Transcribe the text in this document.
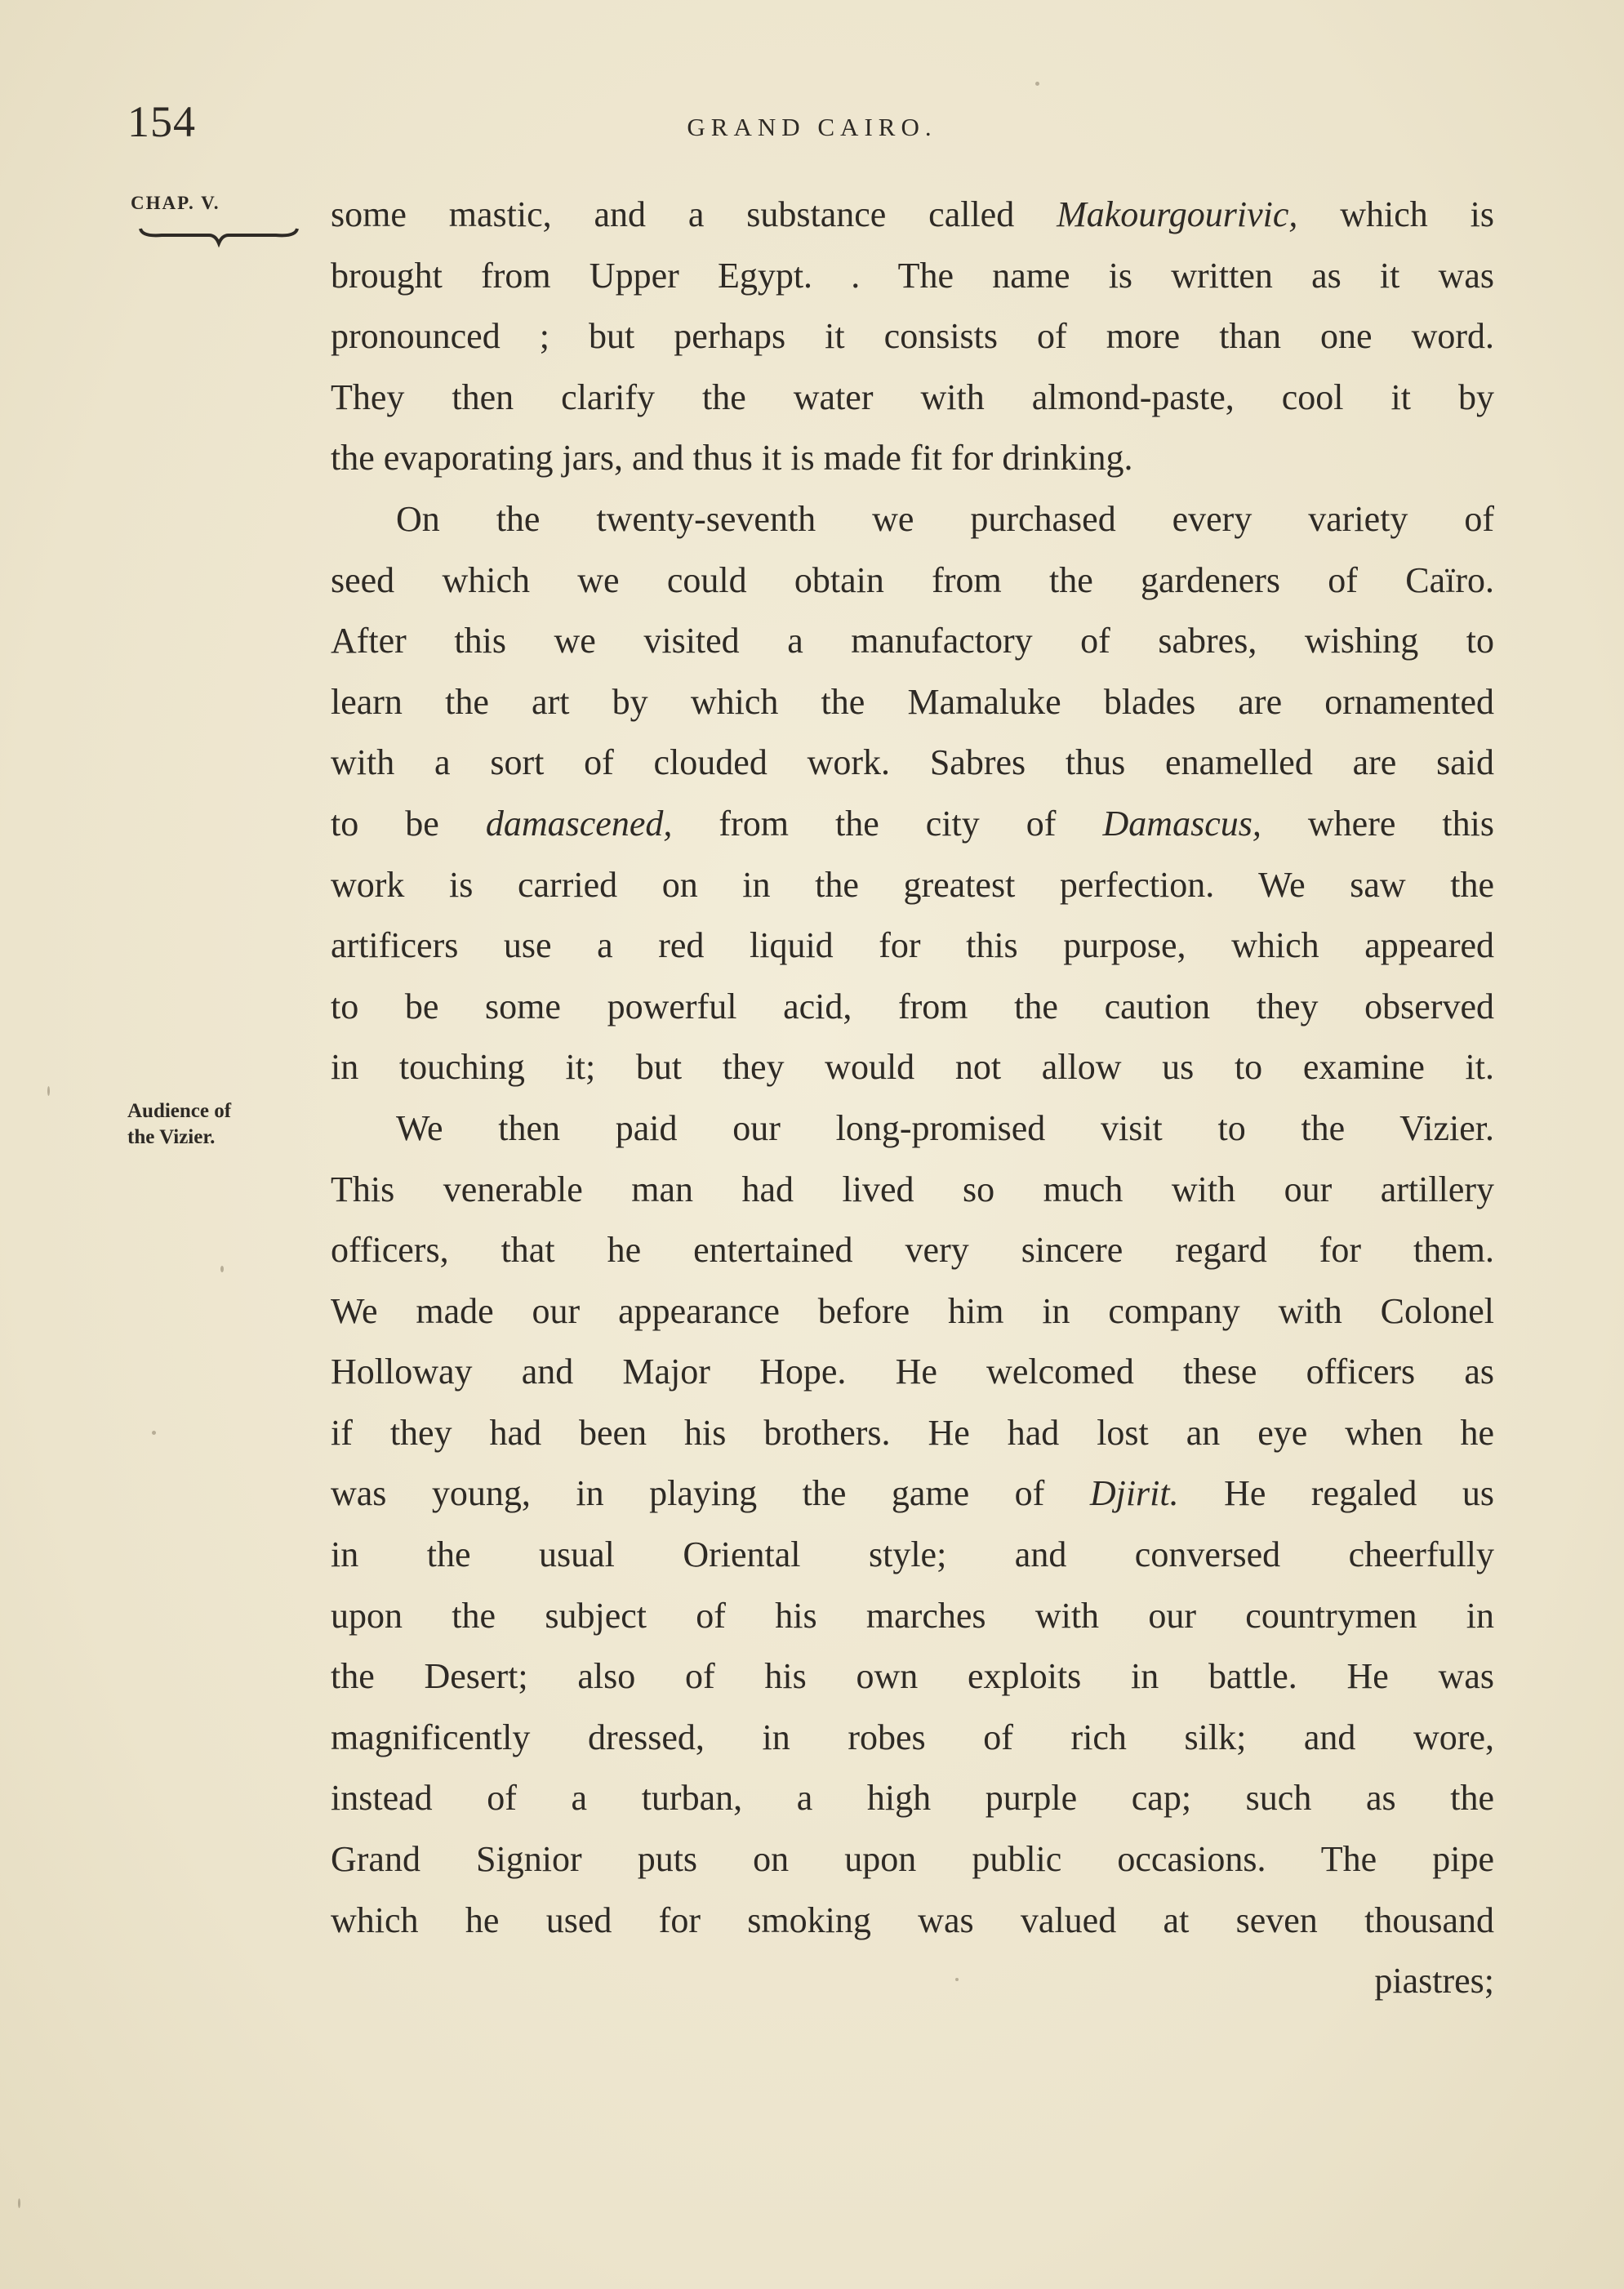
154	GRAND CAIRO.
CHAP. V.
Audience of
the Vizier.
some mastic, and a substance called Makourgourivic, which is
brought from Upper Egypt. . The name is written as it was
pronounced ; but perhaps it consists of more than one word.
They then clarify the water with almond-paste, cool it by
the evaporating jars, and thus it is made fit for drinking.
On the twenty-seventh we purchased every variety of
seed which we could obtain from the gardeners of Caïro.
After this we visited a manufactory of sabres, wishing to
learn the art by which the Mamaluke blades are ornamented
with a sort of clouded work. Sabres thus enamelled are said
to be damascened, from the city of Damascus, where this
work is carried on in the greatest perfection. We saw the
artificers use a red liquid for this purpose, which appeared
to be some powerful acid, from the caution they observed
in touching it; but they would not allow us to examine it.
We then paid our long-promised visit to the Vizier.
This venerable man had lived so much with our artillery
officers, that he entertained very sincere regard for them.
We made our appearance before him in company with Colonel
Holloway and Major Hope. He welcomed these officers as
if they had been his brothers. He had lost an eye when he
was young, in playing the game of Djirit. He regaled us
in the usual Oriental style; and conversed cheerfully
upon the subject of his marches with our countrymen in
the Desert; also of his own exploits in battle. He was
magnificently dressed, in robes of rich silk; and wore,
instead of a turban, a high purple cap; such as the
Grand Signior puts on upon public occasions. The pipe
which he used for smoking was valued at seven thousand
piastres;
